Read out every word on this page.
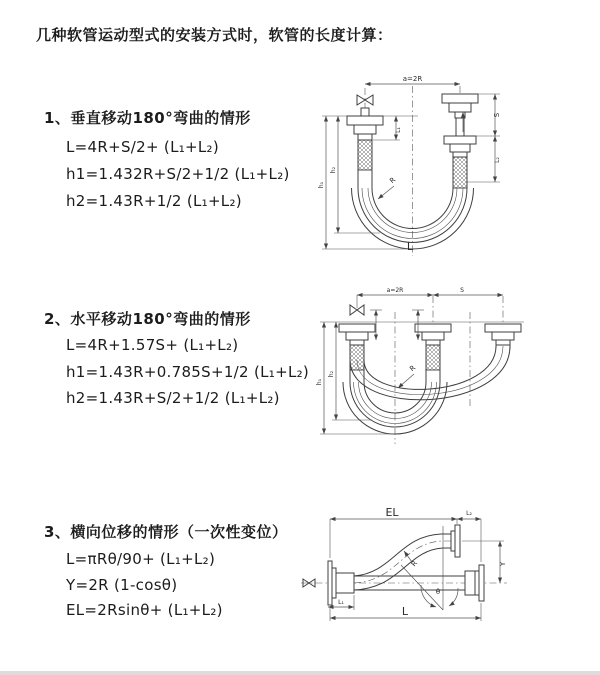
几种软管运动型式的安装方式时，软管的长度计算：
1、垂直移动180°弯曲的情形
L=4R+S/2+ (L₁+L₂)
h1=1.432R+S/2+1/2 (L₁+L₂)
h2=1.43R+1/2 (L₁+L₂)
2、水平移动180°弯曲的情形
L=4R+1.57S+ (L₁+L₂)
h1=1.43R+0.785S+1/2 (L₁+L₂)
h2=1.43R+S/2+1/2 (L₁+L₂)
3、横向位移的情形（一次性变位）
L=πRθ/90+ (L₁+L₂)
Y=2R (1-cosθ)
EL=2Rsinθ+ (L₁+L₂)
a=2R
L₁
S
L₂
h₁
h₂
R
L
a=2R	S
h₁
h₂
R
EL	L₂
Y
θ
R
L₁
L
